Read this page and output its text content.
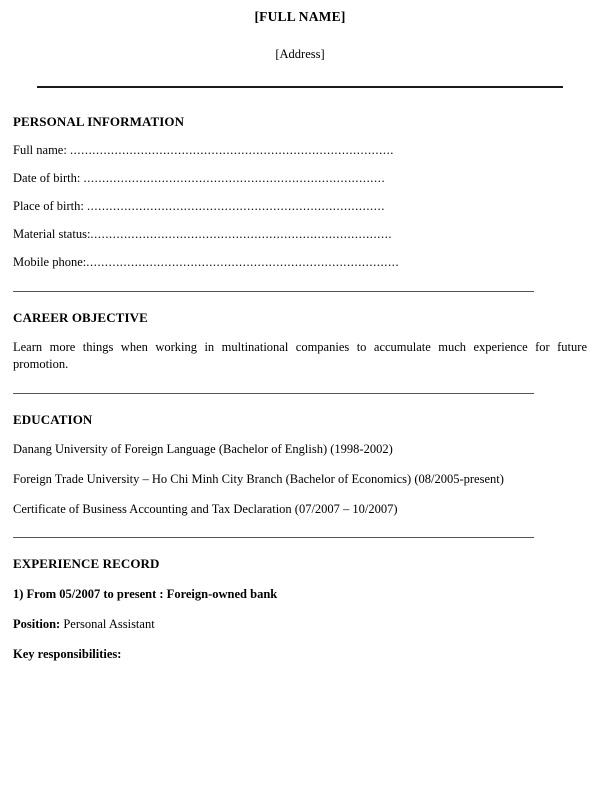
[FULL NAME]
[Address]
PERSONAL INFORMATION
Full name: .......................................................................................
Date of birth: .................................................................................
Place of birth: ................................................................................
Material status:.................................................................................
Mobile phone:....................................................................................
CAREER OBJECTIVE

Learn more things when working in multinational companies to accumulate much experience for future promotion.

EDUCATION

Danang University of Foreign Language (Bachelor of English) (1998-2002)

Foreign Trade University – Ho Chi Minh City Branch (Bachelor of Economics) (08/2005-present)

Certificate of Business Accounting and Tax Declaration (07/2007 – 10/2007)

EXPERIENCE RECORD

1) From 05/2007 to present : Foreign-owned bank

Position: Personal Assistant

Key responsibilities:
